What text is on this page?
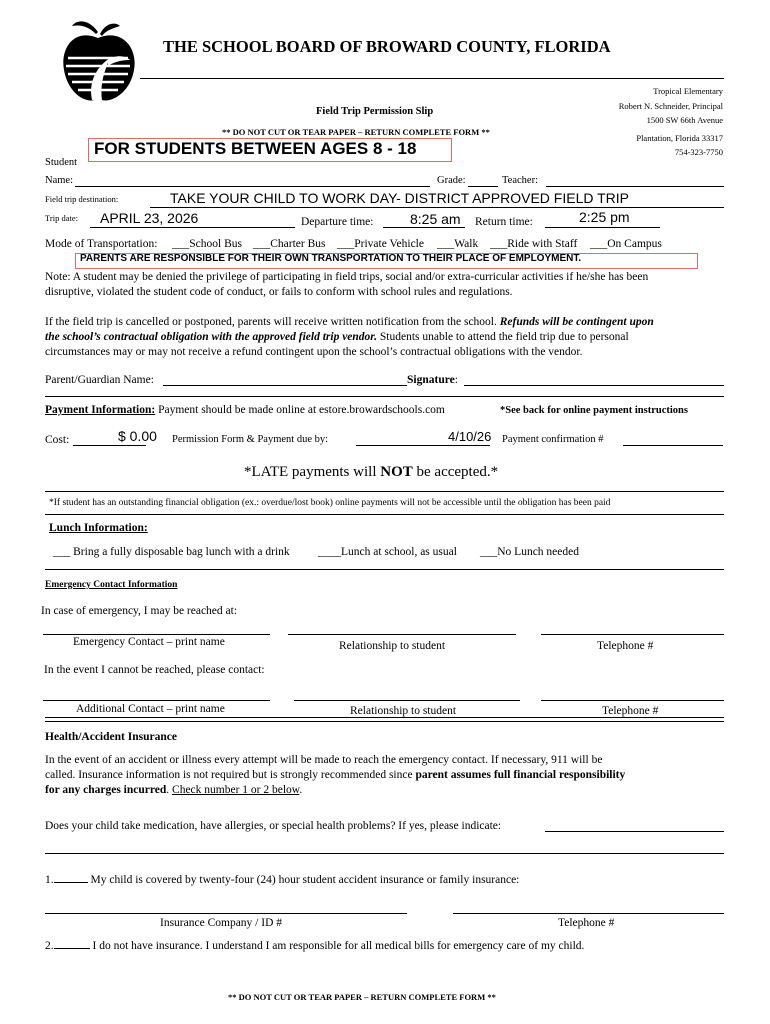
THE SCHOOL BOARD OF BROWARD COUNTY, FLORIDA
Field Trip Permission Slip
** DO NOT CUT OR TEAR PAPER – RETURN COMPLETE FORM **
Tropical Elementary
Robert N. Schneider, Principal
1500 SW 66th Avenue
Plantation, Florida 33317
754-323-7750
FOR STUDENTS BETWEEN AGES 8 - 18
Student
Name:	Grade:	Teacher:
Field trip destination:	TAKE YOUR CHILD TO WORK DAY- DISTRICT APPROVED FIELD TRIP
Trip date: APRIL 23, 2026	Departure time:	8:25 am Return time:	2:25 pm
Mode of Transportation: ___School Bus ___Charter Bus ___Private Vehicle ___Walk ___Ride with Staff ___On Campus
PARENTS ARE RESPONSIBLE FOR THEIR OWN TRANSPORTATION TO THEIR PLACE OF EMPLOYMENT.
Note: A student may be denied the privilege of participating in field trips, social and/or extra-curricular activities if he/she has been
disruptive, violated the student code of conduct, or fails to conform with school rules and regulations.
If the field trip is cancelled or postponed, parents will receive written notification from the school. Refunds will be contingent upon
the school’s contractual obligation with the approved field trip vendor. Students unable to attend the field trip due to personal
circumstances may or may not receive a refund contingent upon the school’s contractual obligations with the vendor.
Parent/Guardian Name:	Signature:
Payment Information: Payment should be made online at estore.browardschools.com	*See back for online payment instructions
Cost:	$ 0.00 Permission Form & Payment due by:	4/10/26 Payment confirmation #
*LATE payments will NOT be accepted.*
*If student has an outstanding financial obligation (ex.: overdue/lost book) online payments will not be accessible until the obligation has been paid
Lunch Information:
___ Bring a fully disposable bag lunch with a drink ____Lunch at school, as usual ___No Lunch needed
Emergency Contact Information
In case of emergency, I may be reached at:
Emergency Contact – print name	Relationship to student	Telephone #
In the event I cannot be reached, please contact:
Additional Contact – print name	Relationship to student	Telephone #
Health/Accident Insurance
In the event of an accident or illness every attempt will be made to reach the emergency contact. If necessary, 911 will be
called. Insurance information is not required but is strongly recommended since parent assumes full financial responsibility
for any charges incurred. Check number 1 or 2 below.
Does your child take medication, have allergies, or special health problems? If yes, please indicate:
1.	My child is covered by twenty-four (24) hour student accident insurance or family insurance:
Insurance Company / ID #	Telephone #
2.	I do not have insurance. I understand I am responsible for all medical bills for emergency care of my child.
** DO NOT CUT OR TEAR PAPER – RETURN COMPLETE FORM **
